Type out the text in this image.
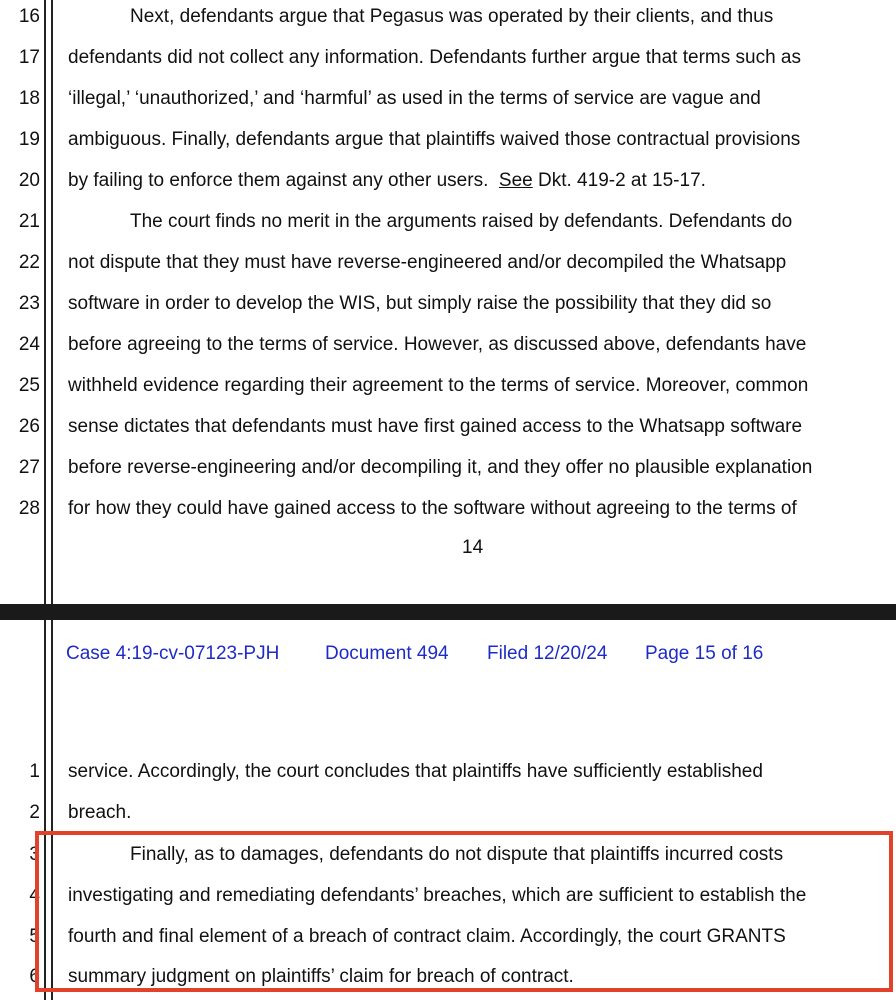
16
17
18
19
20
21
22
23
24
25
26
27
28
Next, defendants argue that Pegasus was operated by their clients, and thus
defendants did not collect any information. Defendants further argue that terms such as
‘illegal,’ ‘unauthorized,’ and ‘harmful’ as used in the terms of service are vague and
ambiguous. Finally, defendants argue that plaintiffs waived those contractual provisions
by failing to enforce them against any other users.  See Dkt. 419-2 at 15-17.
The court finds no merit in the arguments raised by defendants. Defendants do
not dispute that they must have reverse-engineered and/or decompiled the Whatsapp
software in order to develop the WIS, but simply raise the possibility that they did so
before agreeing to the terms of service. However, as discussed above, defendants have
withheld evidence regarding their agreement to the terms of service. Moreover, common
sense dictates that defendants must have first gained access to the Whatsapp software
before reverse-engineering and/or decompiling it, and they offer no plausible explanation
for how they could have gained access to the software without agreeing to the terms of
14
Case 4:19-cv-07123-PJH Document 494 Filed 12/20/24 Page 15 of 16
1
2
3
4
5
6
service. Accordingly, the court concludes that plaintiffs have sufficiently established
breach.
Finally, as to damages, defendants do not dispute that plaintiffs incurred costs
investigating and remediating defendants’ breaches, which are sufficient to establish the
fourth and final element of a breach of contract claim. Accordingly, the court GRANTS
summary judgment on plaintiffs’ claim for breach of contract.
